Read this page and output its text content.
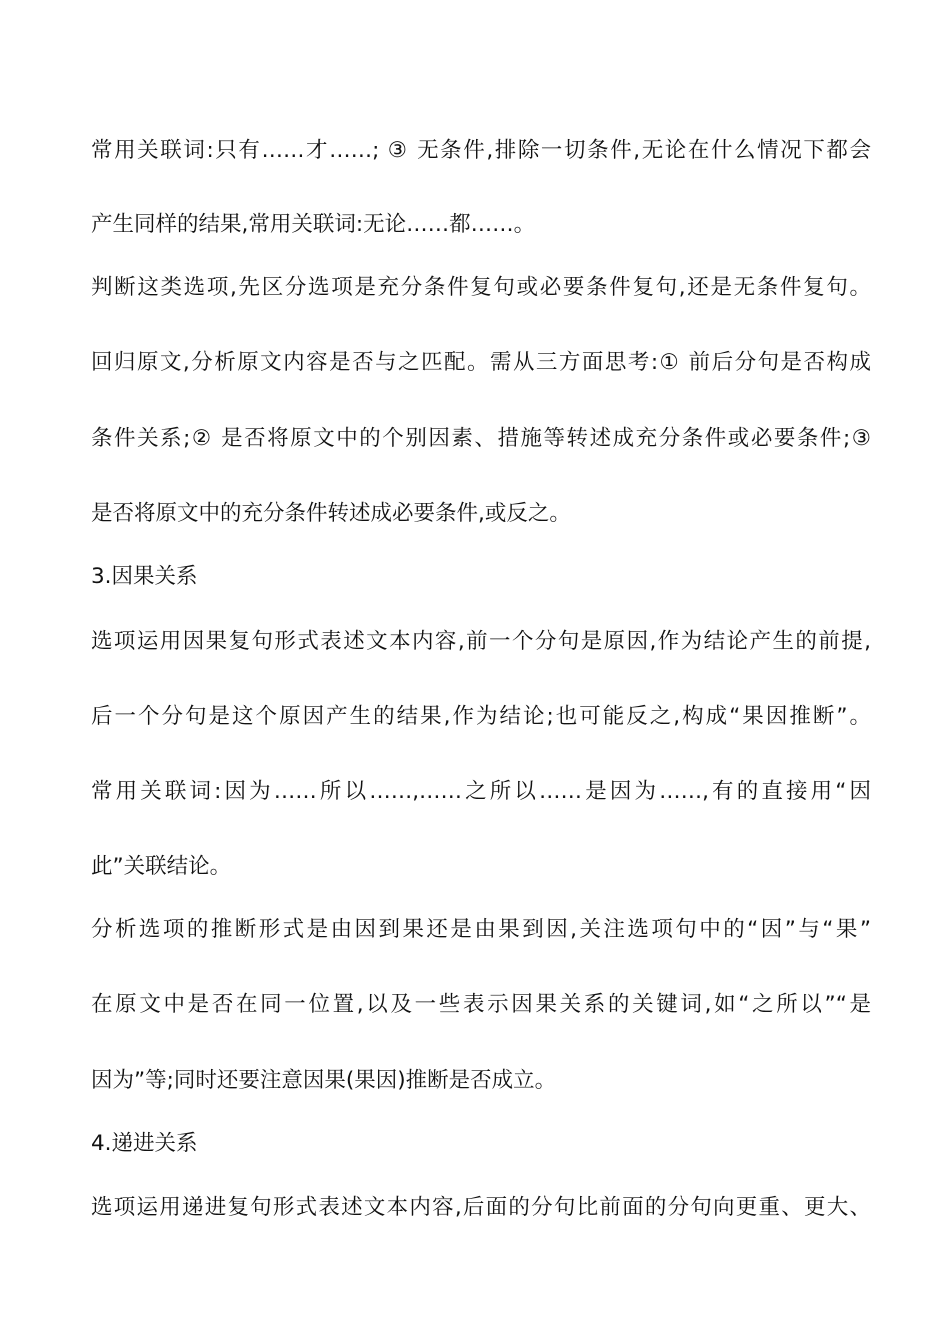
常用关联词:只有……才……; ③ 无条件,排除一切条件,无论在什么情况下都会
产生同样的结果,常用关联词:无论……都……。
判断这类选项,先区分选项是充分条件复句或必要条件复句,还是无条件复句。
回归原文,分析原文内容是否与之匹配。需从三方面思考:① 前后分句是否构成
条件关系;② 是否将原文中的个别因素、措施等转述成充分条件或必要条件;③
是否将原文中的充分条件转述成必要条件,或反之。
3.因果关系
选项运用因果复句形式表述文本内容,前一个分句是原因,作为结论产生的前提,
后一个分句是这个原因产生的结果,作为结论;也可能反之,构成“果因推断”。
常用关联词:因为……所以……,……之所以……是因为……,有的直接用“因
此”关联结论。
分析选项的推断形式是由因到果还是由果到因,关注选项句中的“因”与“果”
在原文中是否在同一位置,以及一些表示因果关系的关键词,如“之所以”“是
因为”等;同时还要注意因果(果因)推断是否成立。
4.递进关系
选项运用递进复句形式表述文本内容,后面的分句比前面的分句向更重、更大、
